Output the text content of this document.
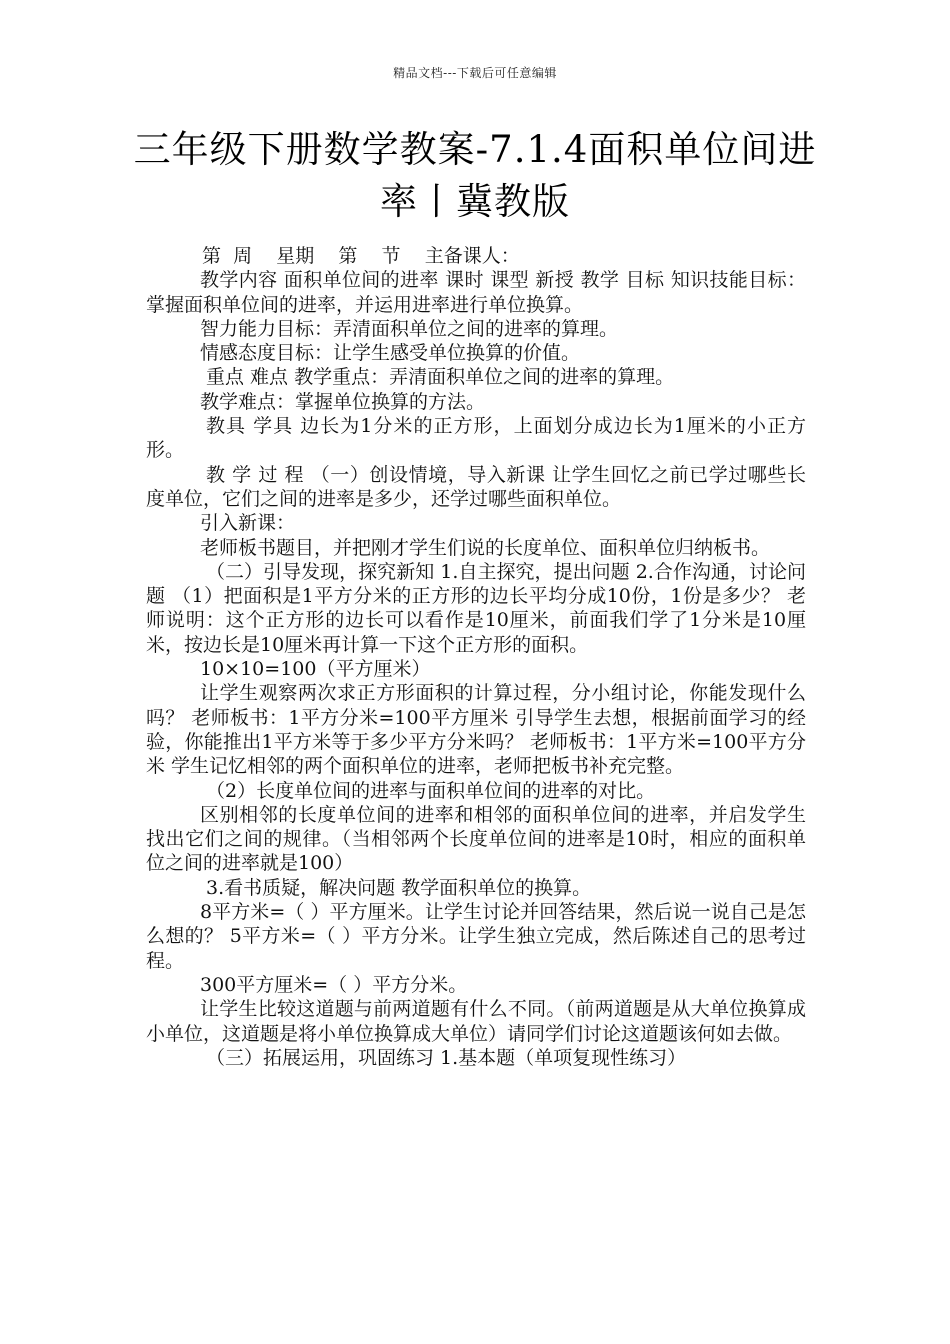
精品文档---下载后可任意编辑
三年级下册数学教案-7.1.4面积单位间进
率丨冀教版

第  周    星期    第    节    主备课人：

教学内容 面积单位间的进率 课时 课型 新授 教学 目标 知识技能目标：掌握面积单位间的进率，并运用进率进行单位换算。

智力能力目标：弄清面积单位之间的进率的算理。

情感态度目标：让学生感受单位换算的价值。

重点 难点 教学重点：弄清面积单位之间的进率的算理。

教学难点：掌握单位换算的方法。

教具 学具 边长为1分米的正方形，上面划分成边长为1厘米的小正方形。

教 学 过 程 （一）创设情境，导入新课 让学生回忆之前已学过哪些长度单位，它们之间的进率是多少，还学过哪些面积单位。

引入新课：

老师板书题目，并把刚才学生们说的长度单位、面积单位归纳板书。

（二）引导发现，探究新知 1.自主探究，提出问题 2.合作沟通，讨论问题 （1）把面积是1平方分米的正方形的边长平均分成10份，1份是多少？ 老师说明：这个正方形的边长可以看作是10厘米，前面我们学了1分米是10厘米，按边长是10厘米再计算一下这个正方形的面积。

10×10=100（平方厘米）

让学生观察两次求正方形面积的计算过程，分小组讨论，你能发现什么吗？ 老师板书：1平方分米=100平方厘米 引导学生去想，根据前面学习的经验，你能推出1平方米等于多少平方分米吗？ 老师板书：1平方米=100平方分米 学生记忆相邻的两个面积单位的进率，老师把板书补充完整。

（2）长度单位间的进率与面积单位间的进率的对比。

区别相邻的长度单位间的进率和相邻的面积单位间的进率，并启发学生找出它们之间的规律。（当相邻两个长度单位间的进率是10时，相应的面积单位之间的进率就是100）

3.看书质疑，解决问题 教学面积单位的换算。

8平方米=（ ）平方厘米。让学生讨论并回答结果，然后说一说自己是怎么想的？ 5平方米=（ ）平方分米。让学生独立完成，然后陈述自己的思考过程。

300平方厘米=（ ）平方分米。

让学生比较这道题与前两道题有什么不同。（前两道题是从大单位换算成小单位，这道题是将小单位换算成大单位）请同学们讨论这道题该何如去做。

（三）拓展运用，巩固练习 1.基本题（单项复现性练习）
